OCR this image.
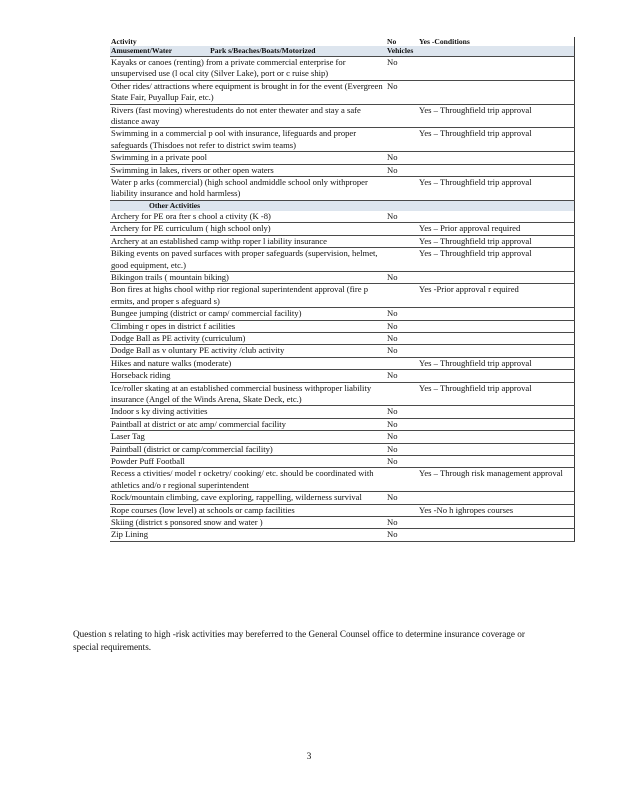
Activity	No	Yes -Conditions
Amusement/Water Park s/Beaches/Boats/Motorized	Vehicles	

Kayaks or canoes (renting) from a private commercial enterprise for unsupervised use (l ocal city (Silver Lake), port or c ruise ship)	No	
Other rides/ attractions where equipment is brought in for the event (Evergreen State Fair, Puyallup Fair, etc.)	No	
Rivers (fast moving) wherestudents do not enter thewater and stay a safe distance away		Yes – Throughfield trip approval
Swimming in a commercial p ool with insurance, lifeguards and proper safeguards (Thisdoes not refer to district swim teams)		Yes – Throughfield trip approval
Swimming in a private pool	No	
Swimming in lakes, rivers or other open waters	No	
Water p arks (commercial) (high school andmiddle school only withproper liability insurance and hold harmless)		Yes – Throughfield trip approval
Other Activities		
Archery for PE ora fter s chool a ctivity (K -8)	No	
Archery for PE curriculum ( high school only)		Yes – Prior approval required
Archery at an established camp withp roper l iability insurance		Yes – Throughfield trip approval
Biking events on paved surfaces with proper safeguards (supervision, helmet, good equipment, etc.)		Yes – Throughfield trip approval
Bikingon trails ( mountain biking)	No	
Bon fires at highs chool withp rior regional superintendent approval (fire p ermits, and proper s afeguard s)		Yes -Prior approval r equired
Bungee jumping (district or camp/ commercial facility)	No	
Climbing r opes in district f acilities	No	
Dodge Ball as PE activity (curriculum)	No	
Dodge Ball as v oluntary PE activity /club activity	No	
Hikes and nature walks (moderate)		Yes – Throughfield trip approval
Horseback riding	No	
Ice/roller skating at an established commercial business withproper liability insurance (Angel of the Winds Arena, Skate Deck, etc.)		Yes – Throughfield trip approval
Indoor s ky diving activities	No	
Paintball at district or atc amp/ commercial facility	No	
Laser Tag	No	
Paintball (district or camp/commercial facility)	No	
Powder Puff Football	No	
Recess a ctivities/ model r ocketry/ cooking/ etc. should be coordinated with athletics and/o r regional superintendent		Yes – Through risk management approval
Rock/mountain climbing, cave exploring, rappelling, wilderness survival	No	
Rope courses (low level) at schools or camp facilities		Yes -No h ighropes courses
Skiing (district s ponsored snow and water )	No	
Zip Lining	No	
Question s relating to high -risk activities may bereferred to the General Counsel office to determine insurance coverage or special requirements.
3
